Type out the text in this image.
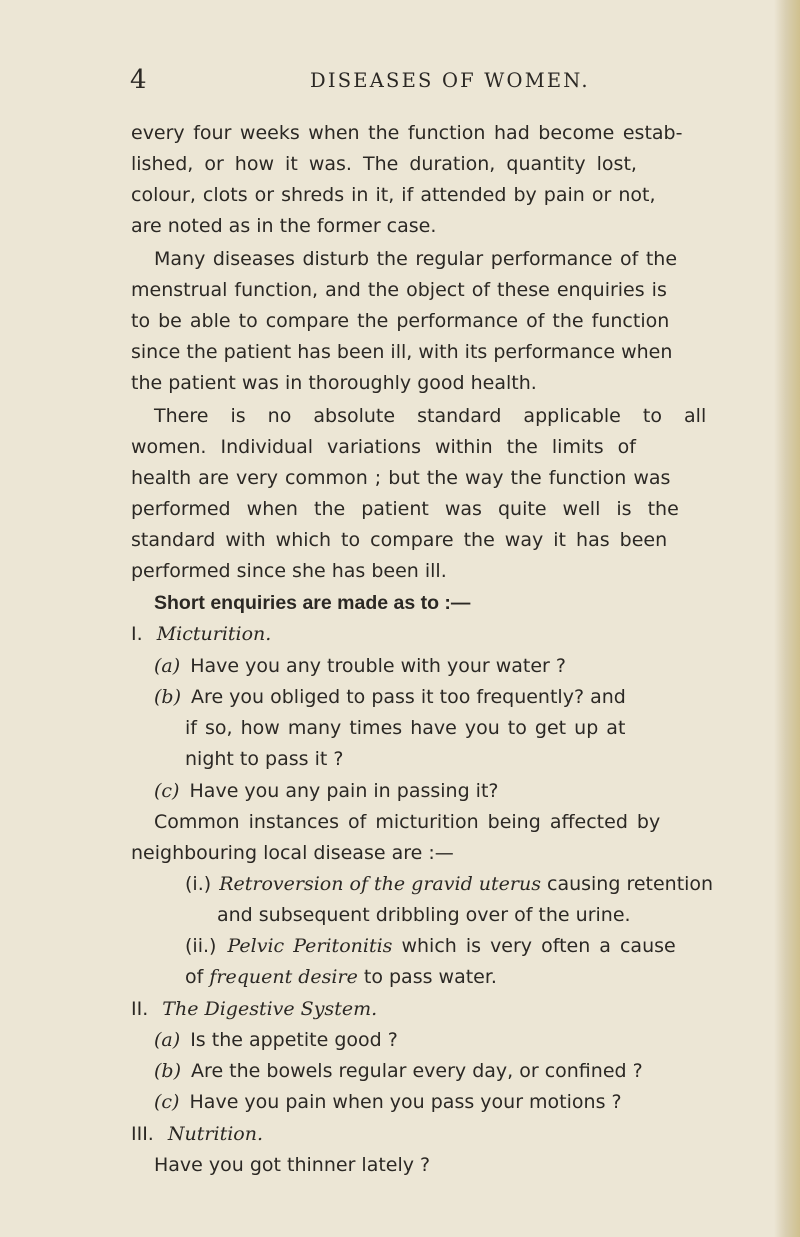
4	DISEASES OF WOMEN.
every four weeks when the function had become estab-
lished, or how it was. The duration, quantity lost,
colour, clots or shreds in it, if attended by pain or not,
are noted as in the former case.
Many diseases disturb the regular performance of the
menstrual function, and the object of these enquiries is
to be able to compare the performance of the function
since the patient has been ill, with its performance when
the patient was in thoroughly good health.
There is no absolute standard applicable to all
women. Individual variations within the limits of
health are very common ; but the way the function was
performed when the patient was quite well is the
standard with which to compare the way it has been
performed since she has been ill.
Short enquiries are made as to :—
I. Micturition.
(a) Have you any trouble with your water ?
(b) Are you obliged to pass it too frequently? and
if so, how many times have you to get up at
night to pass it ?
(c) Have you any pain in passing it?
Common instances of micturition being affected by
neighbouring local disease are :—
(i.) Retroversion of the gravid uterus causing retention
and subsequent dribbling over of the urine.
(ii.) Pelvic Peritonitis which is very often a cause
of frequent desire to pass water.
II. The Digestive System.
(a) Is the appetite good ?
(b) Are the bowels regular every day, or confined ?
(c) Have you pain when you pass your motions ?
III. Nutrition.
Have you got thinner lately ?
